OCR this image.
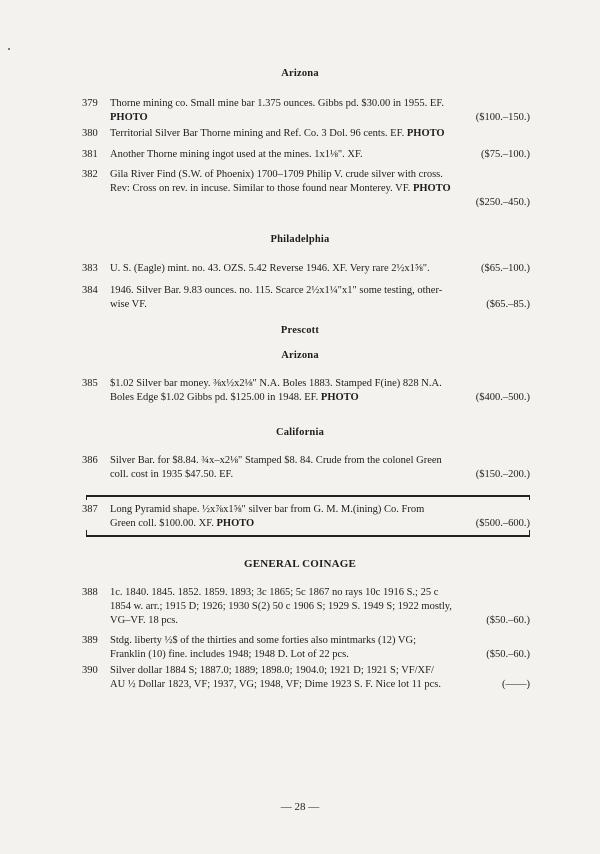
Arizona
379	Thorne mining co. Small mine bar 1.375 ounces. Gibbs pd. $30.00 in 1955. EF.
PHOTO	($100.–150.)
380	Territorial Silver Bar Thorne mining and Ref. Co. 3 Dol. 96 cents. EF. PHOTO
381	Another Thorne mining ingot used at the mines. 1x1⅛". XF.	($75.–100.)
382	Gila River Find (S.W. of Phoenix) 1700–1709 Philip V. crude silver with cross.
Rev: Cross on rev. in incuse. Similar to those found near Monterey. VF. PHOTO
($250.–450.)
Philadelphia
383	U. S. (Eagle) mint. no. 43. OZS. 5.42 Reverse 1946. XF. Very rare 2½x1⅝".	($65.–100.)
384	1946. Silver Bar. 9.83 ounces. no. 115. Scarce 2½x1¼"x1" some testing, other-
wise VF.	($65.–85.)
Prescott
Arizona
385	$1.02 Silver bar money. ⅜x½x2⅛" N.A. Boles 1883. Stamped F(ine) 828 N.A.
Boles Edge $1.02 Gibbs pd. $125.00 in 1948. EF. PHOTO	($400.–500.)
California
386	Silver Bar. for $8.84. ¾x–x2⅛" Stamped $8. 84. Crude from the colonel Green
coll. cost in 1935 $47.50. EF.	($150.–200.)
387	Long Pyramid shape. ½x⅞x1⅝" silver bar from G. M. M.(ining) Co. From
Green coll. $100.00. XF. PHOTO	($500.–600.)
GENERAL COINAGE
388	1c. 1840. 1845. 1852. 1859. 1893; 3c 1865; 5c 1867 no rays 10c 1916 S.; 25 c
1854 w. arr.; 1915 D; 1926; 1930 S(2) 50 c 1906 S; 1929 S. 1949 S; 1922 mostly,
VG–VF. 18 pcs.	($50.–60.)
389	Stdg. liberty ½$ of the thirties and some forties also mintmarks (12) VG;
Franklin (10) fine. includes 1948; 1948 D. Lot of 22 pcs.	($50.–60.)
390	Silver dollar 1884 S; 1887.0; 1889; 1898.0; 1904.0; 1921 D; 1921 S; VF/XF/
AU ½ Dollar 1823, VF; 1937, VG; 1948, VF; Dime 1923 S. F. Nice lot 11 pcs.	(——)
— 28 —
